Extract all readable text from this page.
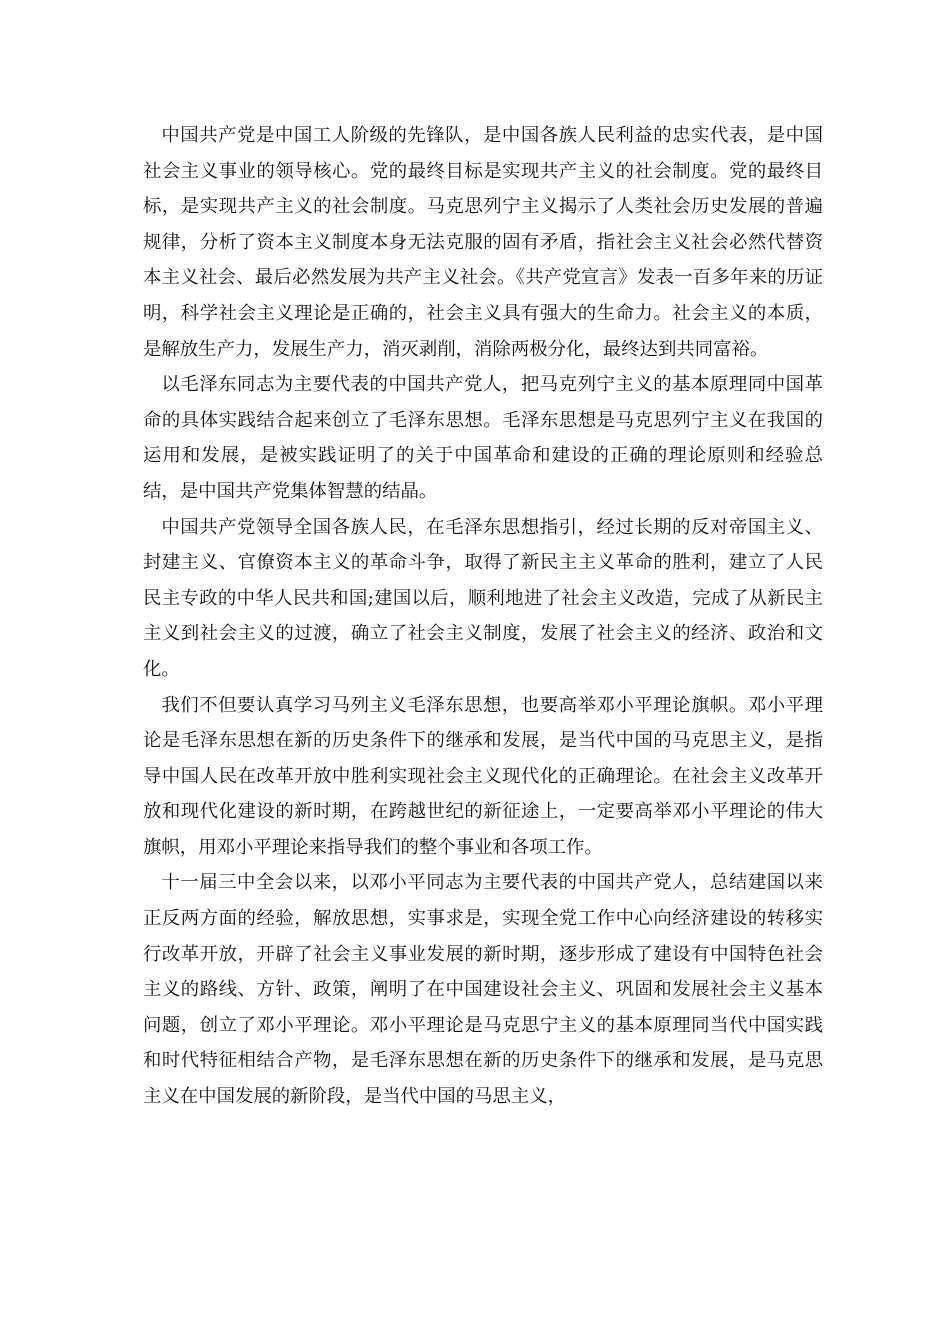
中国共产党是中国工人阶级的先锋队，是中国各族人民利益的忠实代表，是中国社会主义事业的领导核心。党的最终目标是实现共产主义的社会制度。党的最终目标，是实现共产主义的社会制度。马克思列宁主义揭示了人类社会历史发展的普遍规律，分析了资本主义制度本身无法克服的固有矛盾，指社会主义社会必然代替资本主义社会、最后必然发展为共产主义社会。《共产党宣言》发表一百多年来的历证明，科学社会主义理论是正确的，社会主义具有强大的生命力。社会主义的本质，是解放生产力，发展生产力，消灭剥削，消除两极分化，最终达到共同富裕。

以毛泽东同志为主要代表的中国共产党人，把马克列宁主义的基本原理同中国革命的具体实践结合起来创立了毛泽东思想。毛泽东思想是马克思列宁主义在我国的运用和发展，是被实践证明了的关于中国革命和建设的正确的理论原则和经验总结，是中国共产党集体智慧的结晶。

中国共产党领导全国各族人民，在毛泽东思想指引，经过长期的反对帝国主义、封建主义、官僚资本主义的革命斗争，取得了新民主主义革命的胜利，建立了人民民主专政的中华人民共和国;建国以后，顺利地进了社会主义改造，完成了从新民主主义到社会主义的过渡，确立了社会主义制度，发展了社会主义的经济、政治和文化。

我们不但要认真学习马列主义毛泽东思想，也要高举邓小平理论旗帜。邓小平理论是毛泽东思想在新的历史条件下的继承和发展，是当代中国的马克思主义，是指导中国人民在改革开放中胜利实现社会主义现代化的正确理论。在社会主义改革开放和现代化建设的新时期，在跨越世纪的新征途上，一定要高举邓小平理论的伟大旗帜，用邓小平理论来指导我们的整个事业和各项工作。

十一届三中全会以来，以邓小平同志为主要代表的中国共产党人，总结建国以来正反两方面的经验，解放思想，实事求是，实现全党工作中心向经济建设的转移实行改革开放，开辟了社会主义事业发展的新时期，逐步形成了建设有中国特色社会主义的路线、方针、政策，阐明了在中国建设社会主义、巩固和发展社会主义基本问题，创立了邓小平理论。邓小平理论是马克思宁主义的基本原理同当代中国实践和时代特征相结合产物，是毛泽东思想在新的历史条件下的继承和发展，是马克思主义在中国发展的新阶段，是当代中国的马思主义，
